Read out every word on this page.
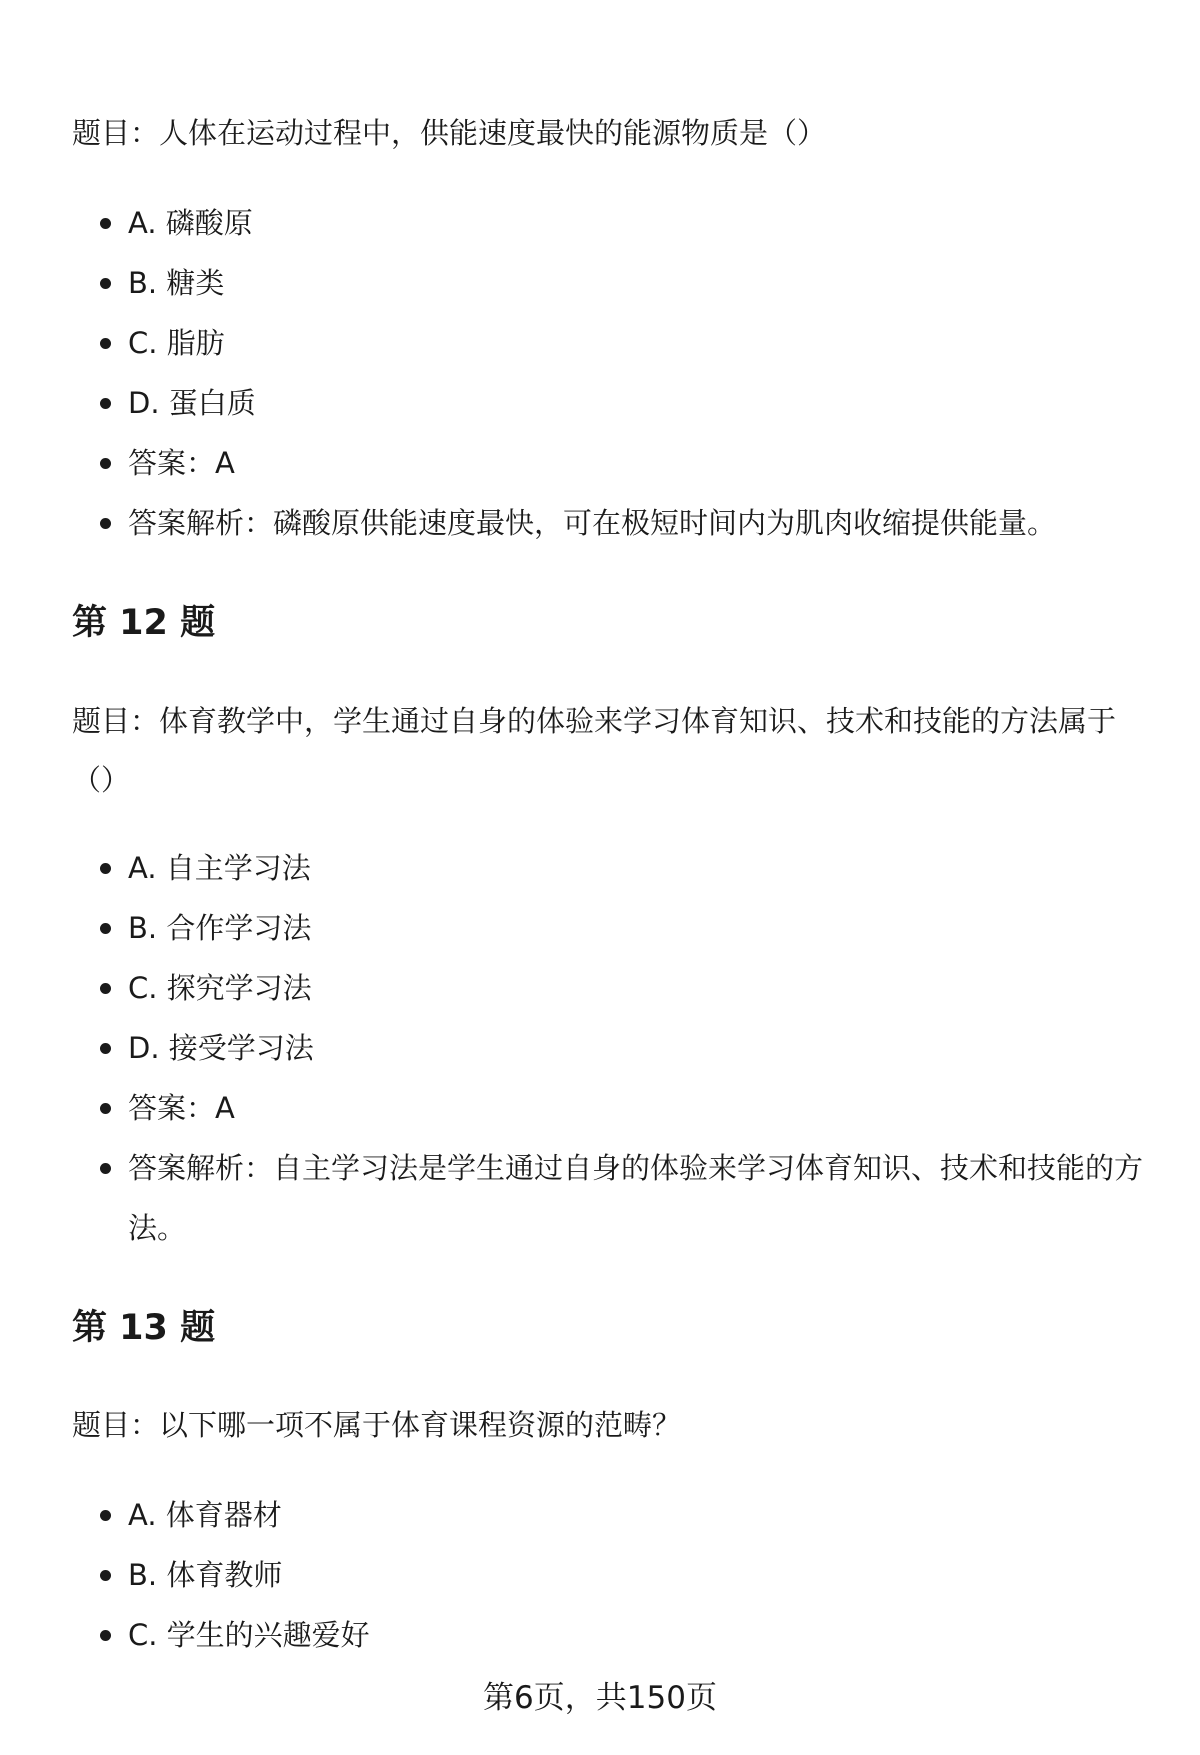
题目：人体在运动过程中，供能速度最快的能源物质是（）

A. 磷酸原
B. 糖类
C. 脂肪
D. 蛋白质
答案：A
答案解析：磷酸原供能速度最快，可在极短时间内为肌肉收缩提供能量。
第 12 题

题目：体育教学中，学生通过自身的体验来学习体育知识、技术和技能的方法属于（）

A. 自主学习法
B. 合作学习法
C. 探究学习法
D. 接受学习法
答案：A
答案解析：自主学习法是学生通过自身的体验来学习体育知识、技术和技能的方法。
第 13 题

题目：以下哪一项不属于体育课程资源的范畴？

A. 体育器材
B. 体育教师
C. 学生的兴趣爱好
第6页，共150页
